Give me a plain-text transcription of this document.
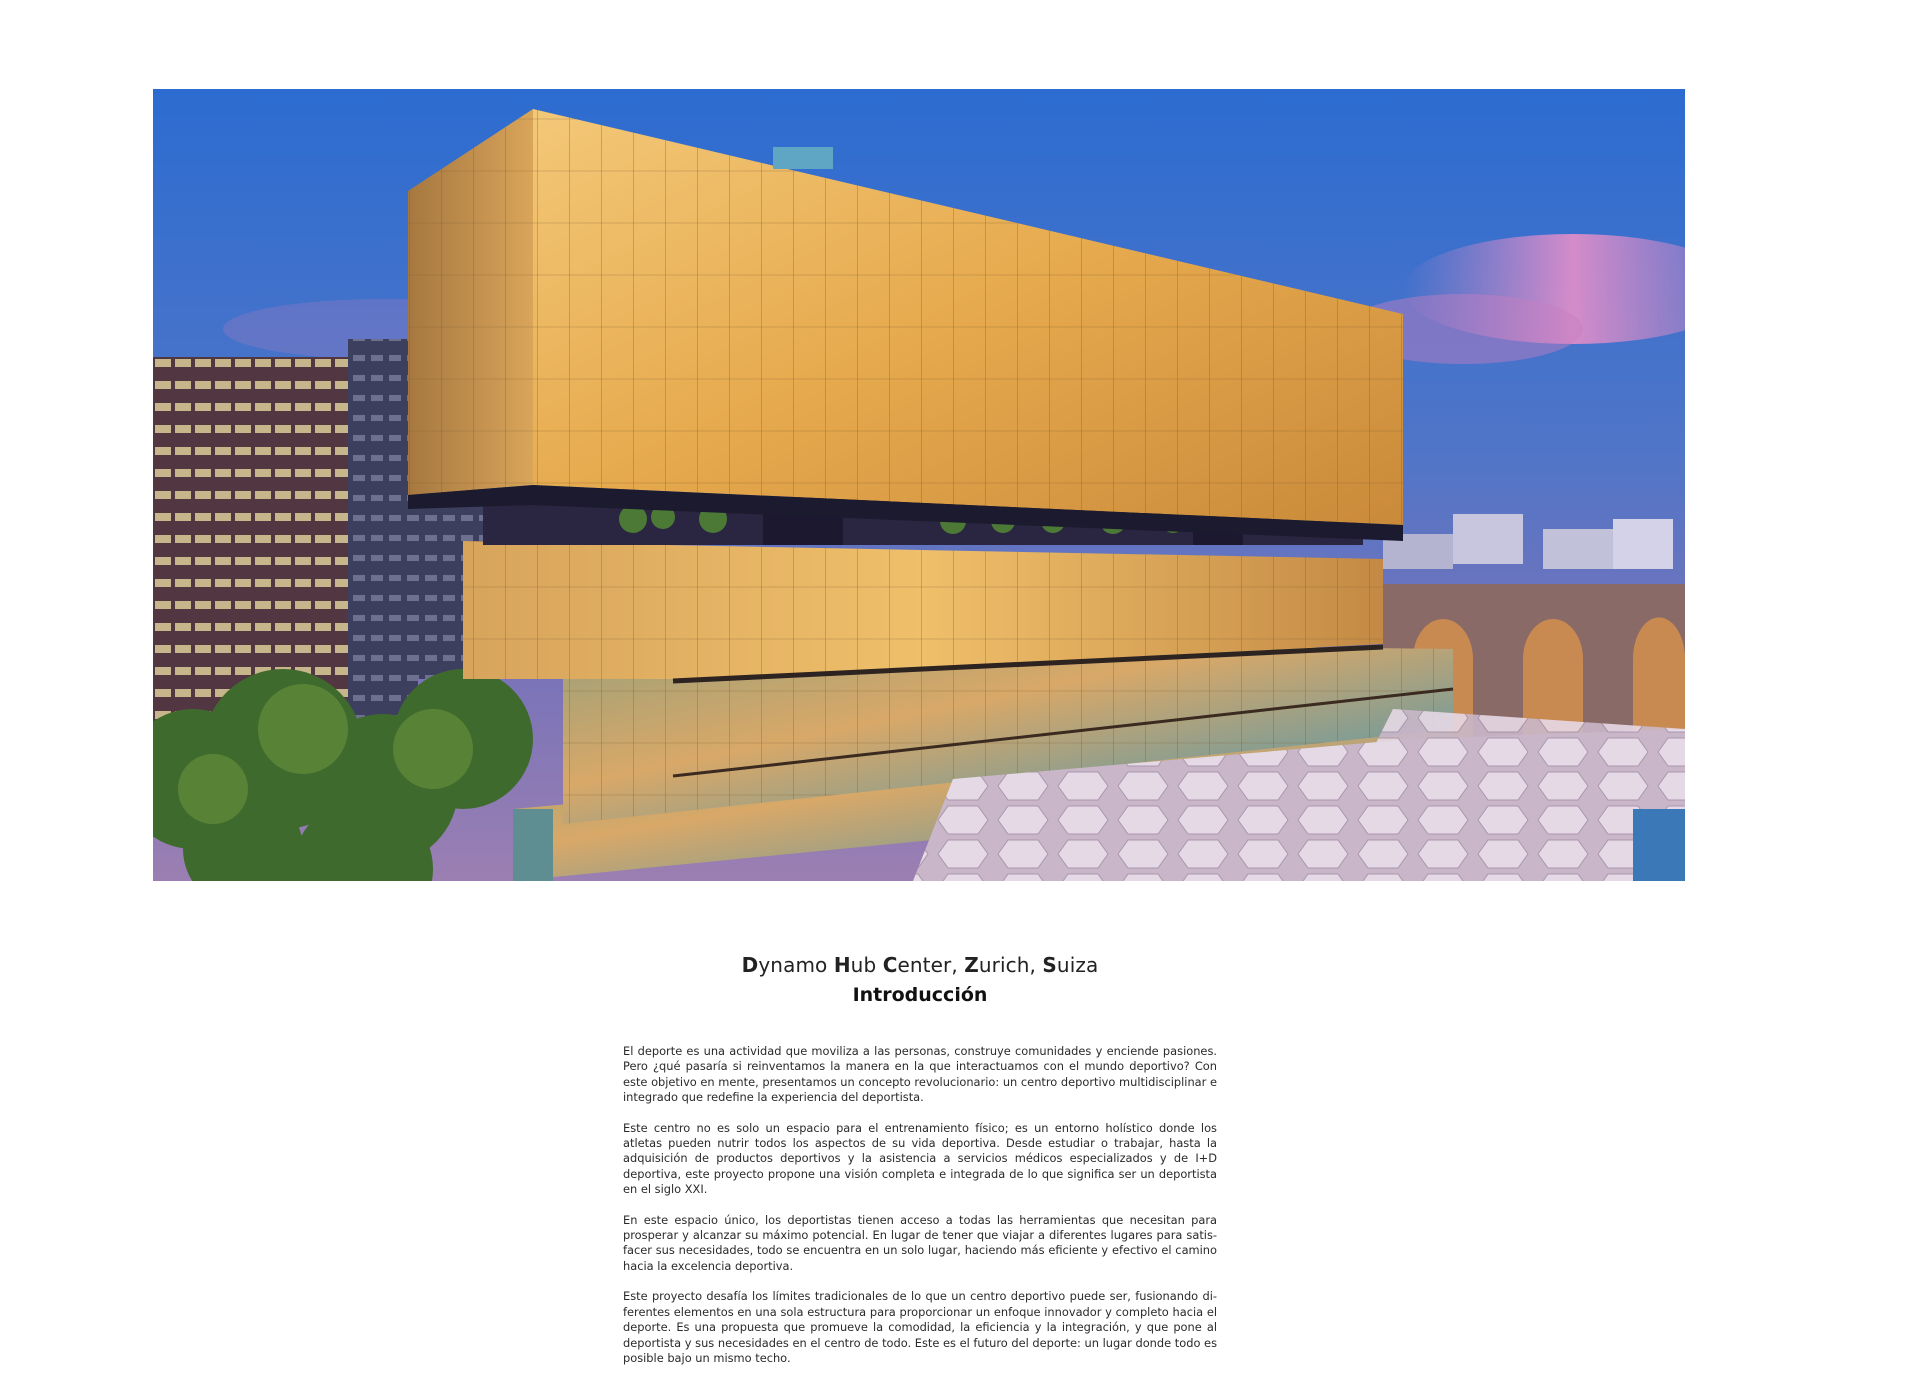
Dynamo Hub Center, Zurich, Suiza
Introducción

El deporte es una actividad que moviliza a las personas, construye comunidades y enciende pasiones. Pero ¿qué pasaría si reinventamos la manera en la que interactuamos con el mundo deportivo? Con este objetivo en mente, presentamos un concepto revolucionario: un centro deportivo multidisciplinar e integrado que redefine la experiencia del deportista.

Este centro no es solo un espacio para el entrenamiento físico; es un entorno holístico donde los atletas pueden nutrir todos los aspectos de su vida deportiva. Desde estudiar o trabajar, hasta la adquisición de productos deportivos y la asistencia a servicios médicos especializados y de I+D deportiva, este proyecto propone una visión completa e integrada de lo que significa ser un deportista en el siglo XXI.

En este espacio único, los deportistas tienen acceso a todas las herramientas que necesitan para prosperar y alcanzar su máximo potencial. En lugar de tener que viajar a diferentes lugares para satis-facer sus necesidades, todo se encuentra en un solo lugar, haciendo más eficiente y efectivo el camino hacia la excelencia deportiva.

Este proyecto desafía los límites tradicionales de lo que un centro deportivo puede ser, fusionando di-ferentes elementos en una sola estructura para proporcionar un enfoque innovador y completo hacia el deporte. Es una propuesta que promueve la comodidad, la eficiencia y la integración, y que pone al deportista y sus necesidades en el centro de todo. Este es el futuro del deporte: un lugar donde todo es posible bajo un mismo techo.
